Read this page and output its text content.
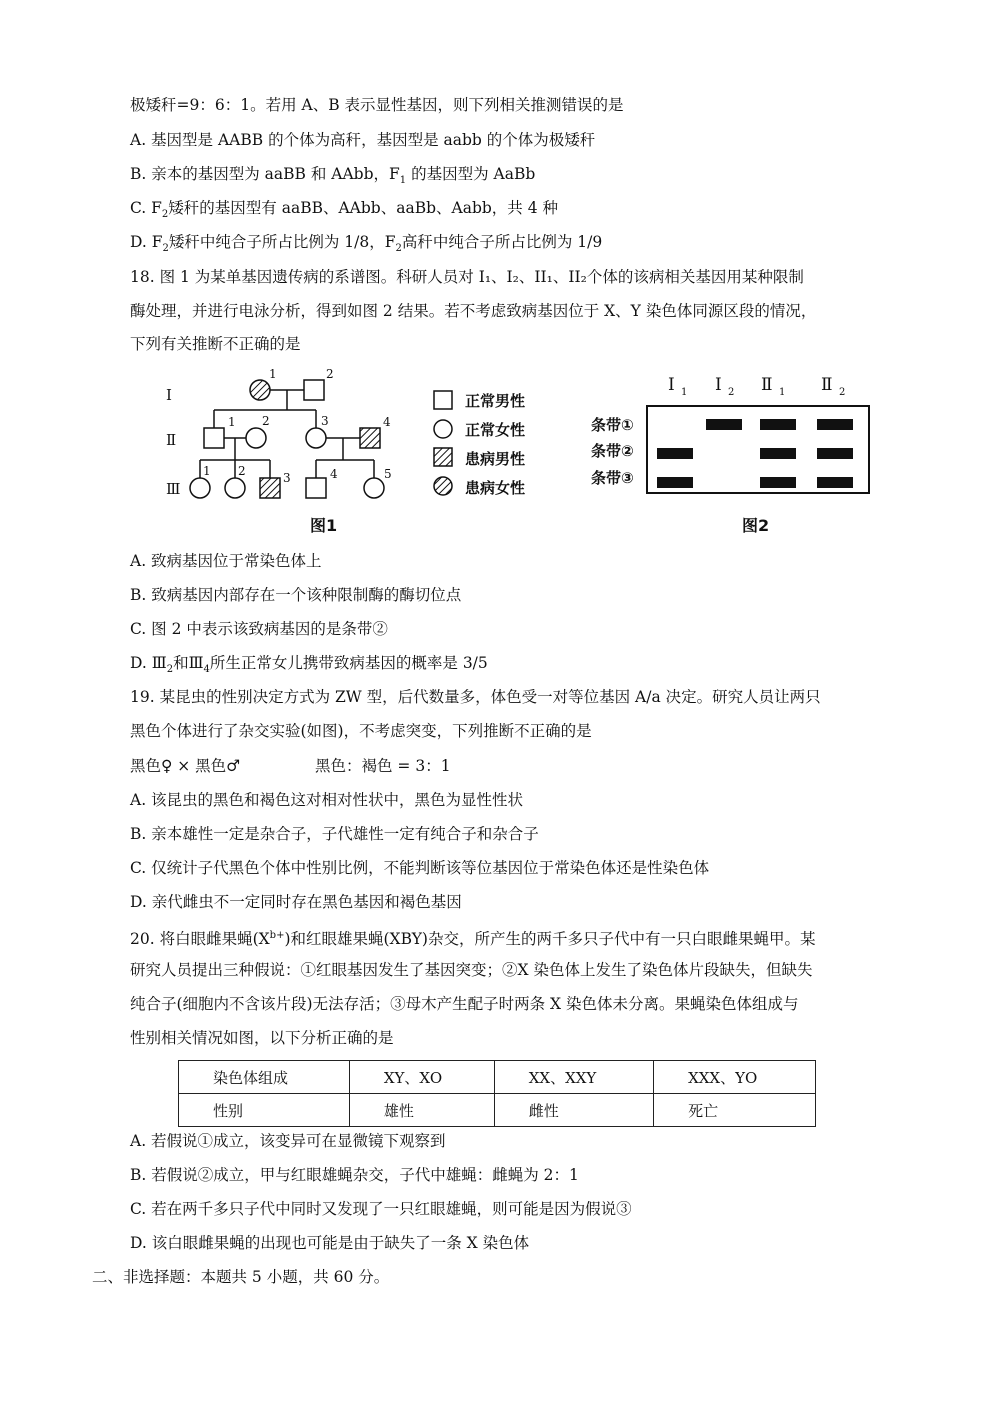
极矮秆=9：6：1。若用 A、B 表示显性基因，则下列相关推测错误的是
A. 基因型是 AABB 的个体为高秆，基因型是 aabb 的个体为极矮秆
B. 亲本的基因型为 aaBB 和 AAbb，$F_1$ 的基因型为 AaBb
C. $F_2$矮秆的基因型有 aaBB、AAbb、aaBb、Aabb，共 4 种
D. $F_2$矮秆中纯合子所占比例为 1/8，$F_2$高秆中纯合子所占比例为 1/9
18. 图 1 为某单基因遗传病的系谱图。科研人员对 I₁、I₂、II₁、II₂个体的该病相关基因用某种限制
酶处理，并进行电泳分析，得到如图 2 结果。若不考虑致病基因位于 X、Y 染色体同源区段的情况，
下列有关推断不正确的是
Ⅰ
Ⅱ
Ⅲ
1	2
1 2	3	4
1 2	3	4	5
正常男性
正常女性
患病男性
患病女性
图1
Ⅰ 1 Ⅰ 2 Ⅱ 1 Ⅱ 2
条带①
条带②
条带③
图2
A. 致病基因位于常染色体上
B. 致病基因内部存在一个该种限制酶的酶切位点
C. 图 2 中表示该致病基因的是条带②
D. $Ⅲ_2$和$Ⅲ_4$所生正常女儿携带致病基因的概率是 3/5
19. 某昆虫的性别决定方式为 ZW 型，后代数量多，体色受一对等位基因 A/a 决定。研究人员让两只
黑色个体进行了杂交实验(如图)，不考虑突变，下列推断不正确的是
黑色♀ × 黑色♂	黑色：褐色 = 3：1
A. 该昆虫的黑色和褐色这对相对性状中，黑色为显性性状
B. 亲本雄性一定是杂合子，子代雄性一定有纯合子和杂合子
C. 仅统计子代黑色个体中性别比例，不能判断该等位基因位于常染色体还是性染色体
D. 亲代雌虫不一定同时存在黑色基因和褐色基因
20. 将白眼雌果蝇$(X^{b+})$和红眼雄果蝇(XBY)杂交，所产生的两千多只子代中有一只白眼雌果蝇甲。某
研究人员提出三种假说：①红眼基因发生了基因突变；②X 染色体上发生了染色体片段缺失，但缺失
纯合子(细胞内不含该片段)无法存活；③母木产生配子时两条 X 染色体未分离。果蝇染色体组成与
性别相关情况如图，以下分析正确的是
染色体组成	XY、XO	XX、XXY	XXX、YO
性别	雄性	雌性	死亡
A. 若假说①成立，该变异可在显微镜下观察到
B. 若假说②成立，甲与红眼雄蝇杂交，子代中雄蝇：雌蝇为 2：1
C. 若在两千多只子代中同时又发现了一只红眼雄蝇，则可能是因为假说③
D. 该白眼雌果蝇的出现也可能是由于缺失了一条 X 染色体
二、非选择题：本题共 5 小题，共 60 分。
